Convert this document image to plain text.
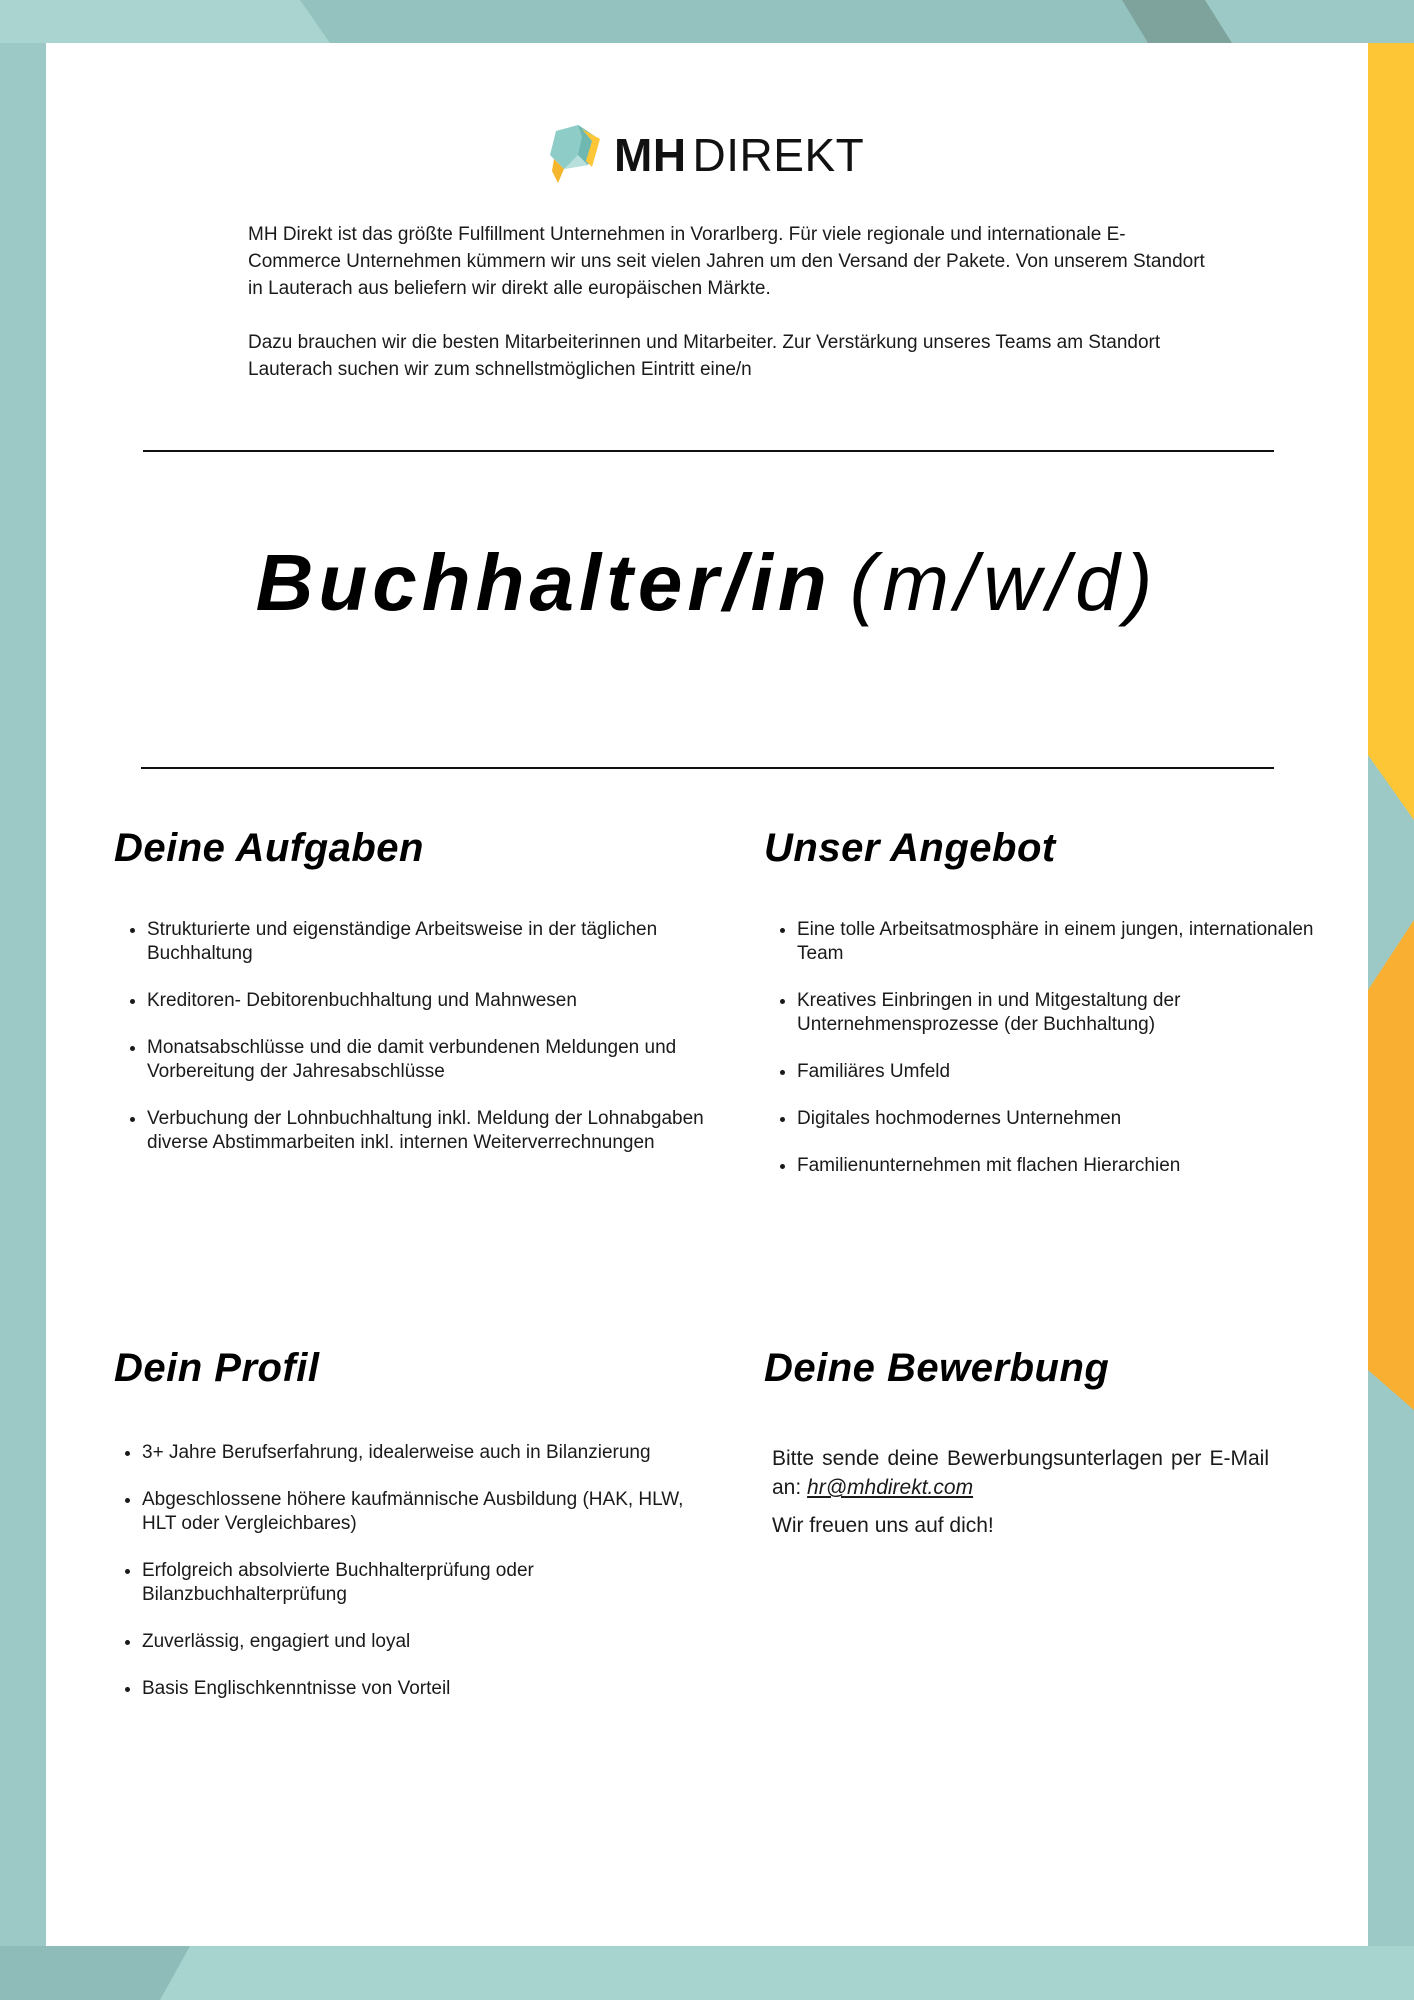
MH DIREKT

MH Direkt ist das größte Fulfillment Unternehmen in Vorarlberg. Für viele regionale und internationale E-Commerce Unternehmen kümmern wir uns seit vielen Jahren um den Versand der Pakete. Von unserem Standort in Lauterach aus beliefern wir direkt alle europäischen Märkte.

Dazu brauchen wir die besten Mitarbeiterinnen und Mitarbeiter. Zur Verstärkung unseres Teams am Standort Lauterach suchen wir zum schnellstmöglichen Eintritt eine/n

Buchhalter/in (m/w/d)
Deine Aufgaben
• Strukturierte und eigenständige Arbeitsweise in der täglichen Buchhaltung
• Kreditoren- Debitorenbuchhaltung und Mahnwesen
• Monatsabschlüsse und die damit verbundenen Meldungen und Vorbereitung der Jahresabschlüsse
• Verbuchung der Lohnbuchhaltung inkl. Meldung der Lohnabgaben diverse Abstimmarbeiten inkl. internen Weiterverrechnungen
Unser Angebot
• Eine tolle Arbeitsatmosphäre in einem jungen, internationalen Team
• Kreatives Einbringen in und Mitgestaltung der Unternehmensprozesse (der Buchhaltung)
• Familiäres Umfeld
• Digitales hochmodernes Unternehmen
• Familienunternehmen mit flachen Hierarchien
Dein Profil
• 3+ Jahre Berufserfahrung, idealerweise auch in Bilanzierung
• Abgeschlossene höhere kaufmännische Ausbildung (HAK, HLW, HLT oder Vergleichbares)
• Erfolgreich absolvierte Buchhalterprüfung oder Bilanzbuchhalterprüfung
• Zuverlässig, engagiert und loyal
• Basis Englischkenntnisse von Vorteil
Deine Bewerbung

Bitte sende deine Bewerbungsunterlagen per E-Mail an: hr@mhdirekt.com

Wir freuen uns auf dich!
